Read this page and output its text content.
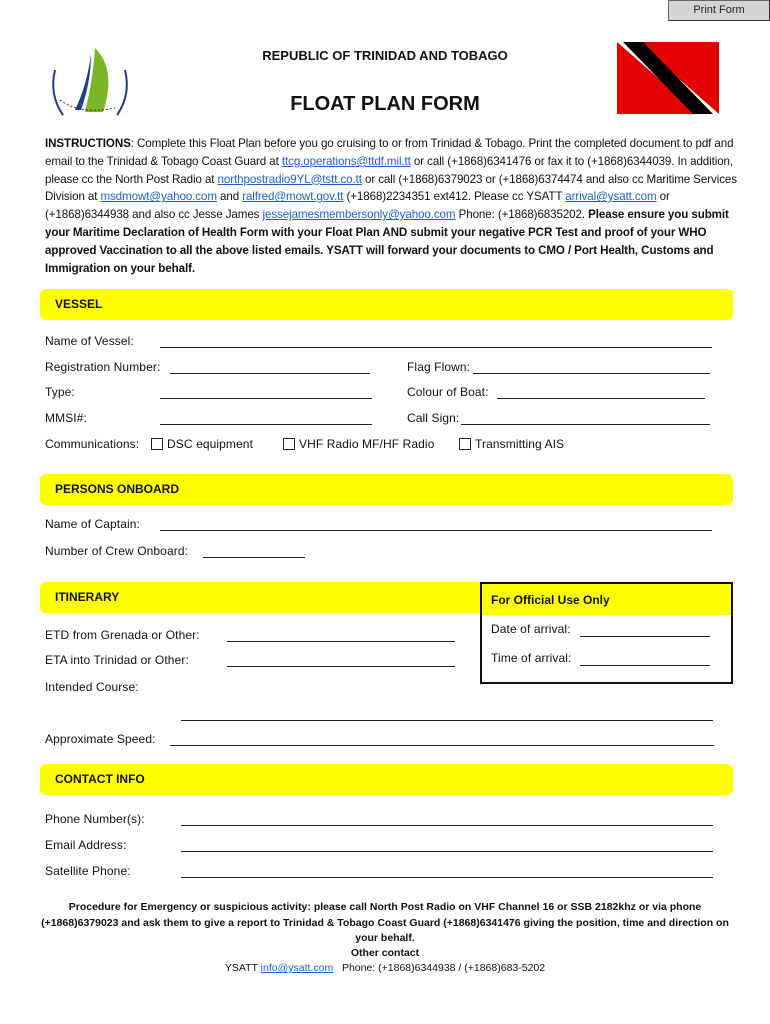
Print Form
REPUBLIC OF TRINIDAD AND TOBAGO
FLOAT PLAN FORM
INSTRUCTIONS: Complete this Float Plan before you go cruising to or from Trinidad & Tobago. Print the completed document to pdf and email to the Trinidad & Tobago Coast Guard at ttcg.operations@ttdf.mil.tt or call (+1868)6341476 or fax it to (+1868)6344039. In addition, please cc the North Post Radio at northpostradio9YL@tstt.co.tt or call (+1868)6379023 or (+1868)6374474 and also cc Maritime Services Division at msdmowt@yahoo.com and ralfred@mowt.gov.tt (+1868)2234351 ext412. Please cc YSATT arrival@ysatt.com or (+1868)6344938 and also cc Jesse James jessejamesmembersonly@yahoo.com Phone: (+1868)6835202. Please ensure you submit your Maritime Declaration of Health Form with your Float Plan AND submit your negative PCR Test and proof of your WHO approved Vaccination to all the above listed emails. YSATT will forward your documents to CMO / Port Health, Customs and Immigration on your behalf.
VESSEL
Name of Vessel:
Registration Number:	Flag Flown:
Type:	Colour of Boat:
MMSI#:	Call Sign:
Communications:	DSC equipment	VHF Radio MF/HF Radio	Transmitting AIS
PERSONS ONBOARD
Name of Captain:
Number of Crew Onboard:
ITINERARY	For Official Use Only
Date of arrival:
Time of arrival:
ETD from Grenada or Other:
ETA into Trinidad or Other:
Intended Course:
Approximate Speed:
CONTACT INFO
Phone Number(s):
Email Address:
Satellite Phone:
Procedure for Emergency or suspicious activity: please call North Post Radio on VHF Channel 16 or SSB 2182khz or via phone (+1868)6379023 and ask them to give a report to Trinidad & Tobago Coast Guard (+1868)6341476 giving the position, time and direction on your behalf.
Other contact
YSATT info@ysatt.com   Phone: (+1868)6344938 / (+1868)683-5202
